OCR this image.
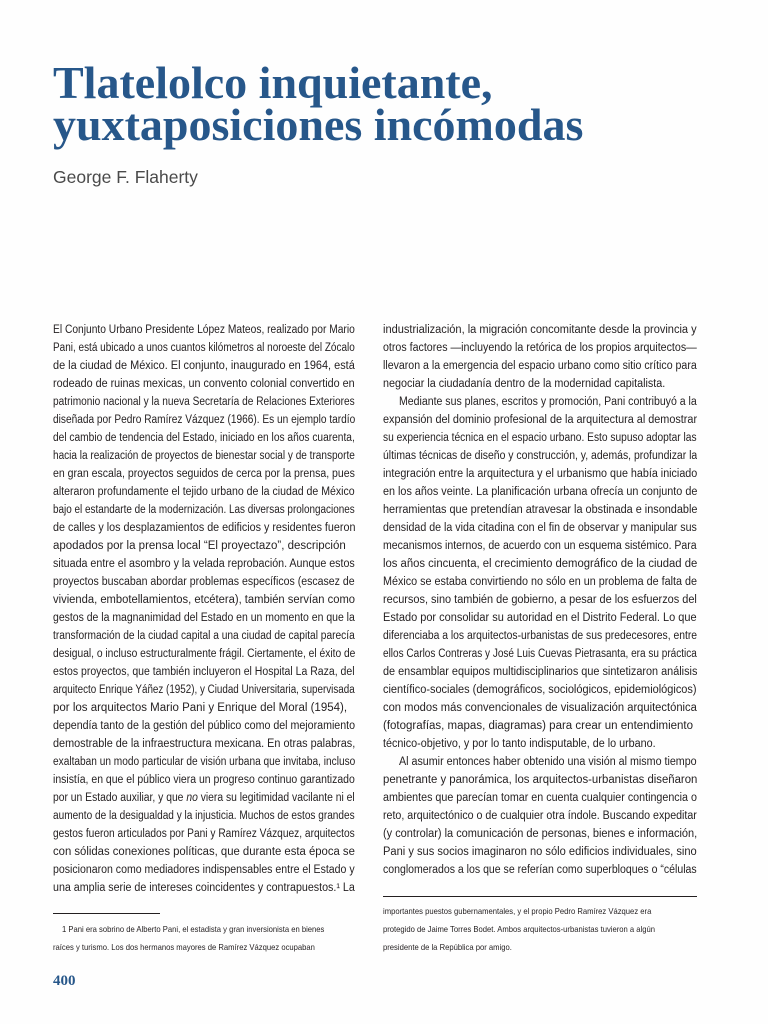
Tlatelolco inquietante,
yuxtaposiciones incómodas
George F. Flaherty
El Conjunto Urbano Presidente López Mateos, realizado por Mario
Pani, está ubicado a unos cuantos kilómetros al noroeste del Zócalo
de la ciudad de México. El conjunto, inaugurado en 1964, está
rodeado de ruinas mexicas, un convento colonial convertido en
patrimonio nacional y la nueva Secretaría de Relaciones Exteriores
diseñada por Pedro Ramírez Vázquez (1966). Es un ejemplo tardío
del cambio de tendencia del Estado, iniciado en los años cuarenta,
hacia la realización de proyectos de bienestar social y de transporte
en gran escala, proyectos seguidos de cerca por la prensa, pues
alteraron profundamente el tejido urbano de la ciudad de México
bajo el estandarte de la modernización. Las diversas prolongaciones
de calles y los desplazamientos de edificios y residentes fueron
apodados por la prensa local “El proyectazo”, descripción
situada entre el asombro y la velada reprobación. Aunque estos
proyectos buscaban abordar problemas específicos (escasez de
vivienda, embotellamientos, etcétera), también servían como
gestos de la magnanimidad del Estado en un momento en que la
transformación de la ciudad capital a una ciudad de capital parecía
desigual, o incluso estructuralmente frágil. Ciertamente, el éxito de
estos proyectos, que también incluyeron el Hospital La Raza, del
arquitecto Enrique Yáñez (1952), y Ciudad Universitaria, supervisada
por los arquitectos Mario Pani y Enrique del Moral (1954),
dependía tanto de la gestión del público como del mejoramiento
demostrable de la infraestructura mexicana. En otras palabras,
exaltaban un modo particular de visión urbana que invitaba, incluso
insistía, en que el público viera un progreso continuo garantizado
por un Estado auxiliar, y que no viera su legitimidad vacilante ni el
aumento de la desigualdad y la injusticia. Muchos de estos grandes
gestos fueron articulados por Pani y Ramírez Vázquez, arquitectos
con sólidas conexiones políticas, que durante esta época se
posicionaron como mediadores indispensables entre el Estado y
una amplia serie de intereses coincidentes y contrapuestos.¹ La
industrialización, la migración concomitante desde la provincia y
otros factores —incluyendo la retórica de los propios arquitectos—
llevaron a la emergencia del espacio urbano como sitio crítico para
negociar la ciudadanía dentro de la modernidad capitalista.
Mediante sus planes, escritos y promoción, Pani contribuyó a la
expansión del dominio profesional de la arquitectura al demostrar
su experiencia técnica en el espacio urbano. Esto supuso adoptar las
últimas técnicas de diseño y construcción, y, además, profundizar la
integración entre la arquitectura y el urbanismo que había iniciado
en los años veinte. La planificación urbana ofrecía un conjunto de
herramientas que pretendían atravesar la obstinada e insondable
densidad de la vida citadina con el fin de observar y manipular sus
mecanismos internos, de acuerdo con un esquema sistémico. Para
los años cincuenta, el crecimiento demográfico de la ciudad de
México se estaba convirtiendo no sólo en un problema de falta de
recursos, sino también de gobierno, a pesar de los esfuerzos del
Estado por consolidar su autoridad en el Distrito Federal. Lo que
diferenciaba a los arquitectos-urbanistas de sus predecesores, entre
ellos Carlos Contreras y José Luis Cuevas Pietrasanta, era su práctica
de ensamblar equipos multidisciplinarios que sintetizaron análisis
científico-sociales (demográficos, sociológicos, epidemiológicos)
con modos más convencionales de visualización arquitectónica
(fotografías, mapas, diagramas) para crear un entendimiento
técnico-objetivo, y por lo tanto indisputable, de lo urbano.
Al asumir entonces haber obtenido una visión al mismo tiempo
penetrante y panorámica, los arquitectos-urbanistas diseñaron
ambientes que parecían tomar en cuenta cualquier contingencia o
reto, arquitectónico o de cualquier otra índole. Buscando expeditar
(y controlar) la comunicación de personas, bienes e información,
Pani y sus socios imaginaron no sólo edificios individuales, sino
conglomerados a los que se referían como superbloques o “células
1 Pani era sobrino de Alberto Pani, el estadista y gran inversionista en bienes
raíces y turismo. Los dos hermanos mayores de Ramírez Vázquez ocupaban
importantes puestos gubernamentales, y el propio Pedro Ramírez Vázquez era
protegido de Jaime Torres Bodet. Ambos arquitectos-urbanistas tuvieron a algún
presidente de la República por amigo.
400
